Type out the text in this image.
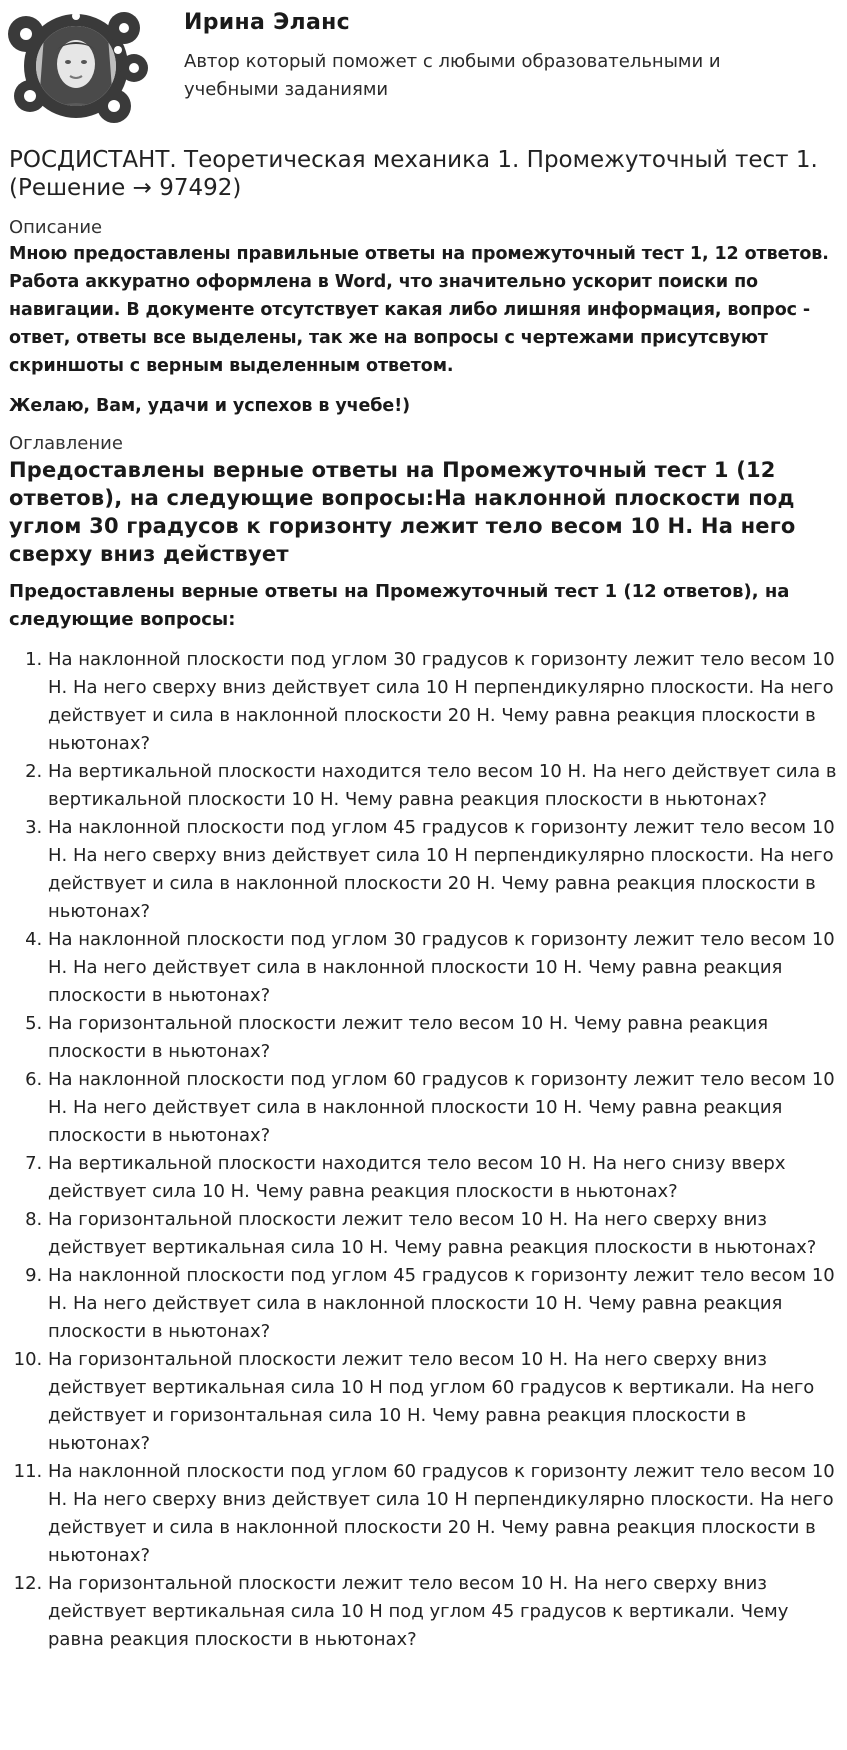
Ирина Эланс

Автор который поможет с любыми образовательными и учебными заданиями

РОСДИСТАНТ. Теоретическая механика 1. Промежуточный тест 1. (Решение → 97492)
Описание

Мною предоставлены правильные ответы на промежуточный тест 1, 12 ответов. Работа аккуратно оформлена в Word, что значительно ускорит поиски по навигации. В документе отсутствует какая либо лишняя информация, вопрос - ответ, ответы все выделены, так же на вопросы с чертежами присутсвуют скриншоты с верным выделенным ответом.

Желаю, Вам, удачи и успехов в учебе!)

Оглавление
Предоставлены верные ответы на Промежуточный тест 1 (12 ответов), на следующие вопросы:На наклонной плоскости под углом 30 градусов к горизонту лежит тело весом 10 Н. На него сверху вниз действует

Предоставлены верные ответы на Промежуточный тест 1 (12 ответов), на следующие вопросы:

1. На наклонной плоскости под углом 30 градусов к горизонту лежит тело весом 10 Н. На него сверху вниз действует сила 10 Н перпендикулярно плоскости. На него действует и сила в наклонной плоскости 20 Н. Чему равна реакция плоскости в ньютонах?
2. На вертикальной плоскости находится тело весом 10 Н. На него действует сила в вертикальной плоскости 10 Н. Чему равна реакция плоскости в ньютонах?
3. На наклонной плоскости под углом 45 градусов к горизонту лежит тело весом 10 Н. На него сверху вниз действует сила 10 Н перпендикулярно плоскости. На него действует и сила в наклонной плоскости 20 Н. Чему равна реакция плоскости в ньютонах?
4. На наклонной плоскости под углом 30 градусов к горизонту лежит тело весом 10 Н. На него действует сила в наклонной плоскости 10 Н. Чему равна реакция плоскости в ньютонах?
5. На горизонтальной плоскости лежит тело весом 10 Н. Чему равна реакция плоскости в ньютонах?
6. На наклонной плоскости под углом 60 градусов к горизонту лежит тело весом 10 Н. На него действует сила в наклонной плоскости 10 Н. Чему равна реакция плоскости в ньютонах?
7. На вертикальной плоскости находится тело весом 10 Н. На него снизу вверх действует сила 10 Н. Чему равна реакция плоскости в ньютонах?
8. На горизонтальной плоскости лежит тело весом 10 Н. На него сверху вниз действует вертикальная сила 10 Н. Чему равна реакция плоскости в ньютонах?
9. На наклонной плоскости под углом 45 градусов к горизонту лежит тело весом 10 Н. На него действует сила в наклонной плоскости 10 Н. Чему равна реакция плоскости в ньютонах?
10. На горизонтальной плоскости лежит тело весом 10 Н. На него сверху вниз действует вертикальная сила 10 Н под углом 60 градусов к вертикали. На него действует и горизонтальная сила 10 Н. Чему равна реакция плоскости в ньютонах?
11. На наклонной плоскости под углом 60 градусов к горизонту лежит тело весом 10 Н. На него сверху вниз действует сила 10 Н перпендикулярно плоскости. На него действует и сила в наклонной плоскости 20 Н. Чему равна реакция плоскости в ньютонах?
12. На горизонтальной плоскости лежит тело весом 10 Н. На него сверху вниз действует вертикальная сила 10 Н под углом 45 градусов к вертикали. Чему равна реакция плоскости в ньютонах?
